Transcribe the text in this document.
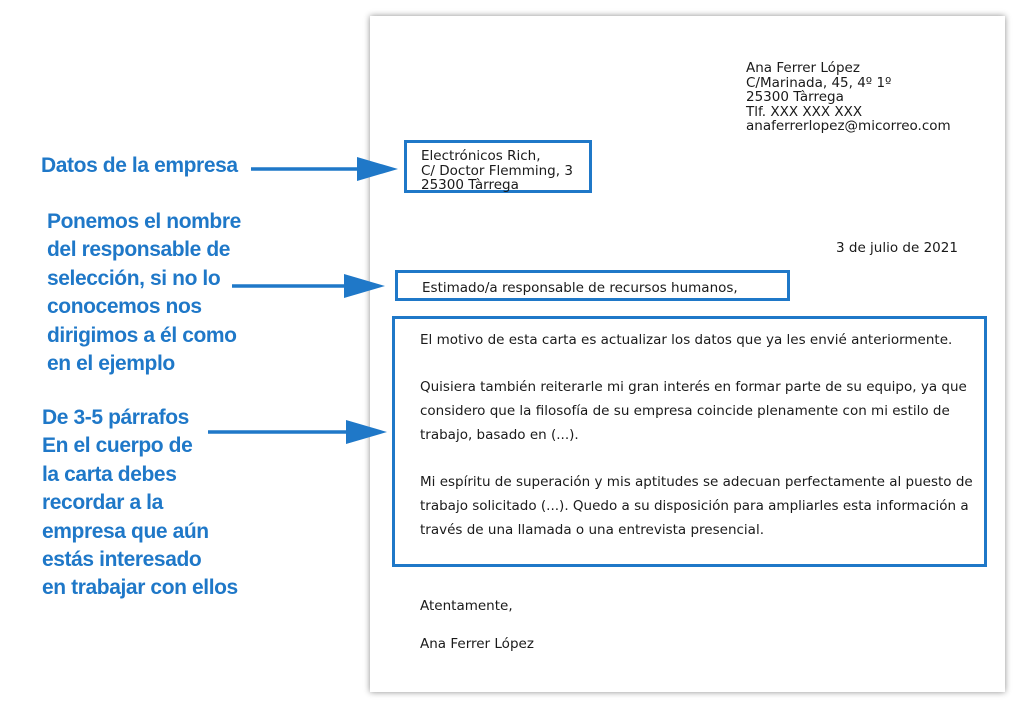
Ana Ferrer López
C/Marinada, 45, 4º 1º
25300 Tàrrega
Tlf. XXX XXX XXX
anaferrerlopez@micorreo.com
Electrónicos Rich,
C/ Doctor Flemming, 3
25300 Tàrrega
3 de julio de 2021
Estimado/a responsable de recursos humanos,

El motivo de esta carta es actualizar los datos que ya les envié anteriormente.

Quisiera también reiterarle mi gran interés en formar parte de su equipo, ya que considero que la filosofía de su empresa coincide plenamente con mi estilo de trabajo, basado en (...).

Mi espíritu de superación y mis aptitudes se adecuan perfectamente al puesto de trabajo solicitado (...). Quedo a su disposición para ampliarles esta información a través de una llamada o una entrevista presencial.

Atentamente,
Ana Ferrer López
Datos de la empresa
Ponemos el nombre
del responsable de
selección, si no lo
conocemos nos
dirigimos a él como
en el ejemplo
De 3-5 párrafos
En el cuerpo de
la carta debes
recordar a la
empresa que aún
estás interesado
en trabajar con ellos
